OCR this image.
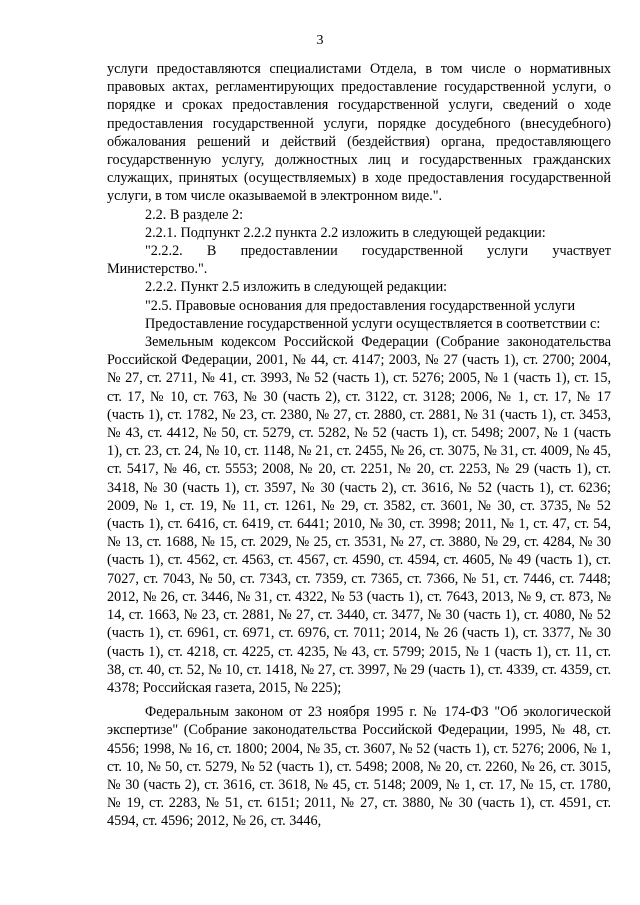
3

услуги предоставляются специалистами Отдела, в том числе о нормативных правовых актах, регламентирующих предоставление государственной услуги, о порядке и сроках предоставления государственной услуги, сведений о ходе предоставления государственной услуги, порядке досудебного (внесудебного) обжалования решений и действий (бездействия) органа, предоставляющего государственную услугу, должностных лиц и государственных гражданских служащих, принятых (осуществляемых) в ходе предоставления государственной услуги, в том числе оказываемой в электронном виде.".

2.2. В разделе 2:

2.2.1. Подпункт 2.2.2 пункта 2.2 изложить в следующей редакции:

"2.2.2. В предоставлении государственной услуги участвует Министерство.".

2.2.2. Пункт 2.5 изложить в следующей редакции:

"2.5. Правовые основания для предоставления государственной услуги

Предоставление государственной услуги осуществляется в соответствии с:

Земельным кодексом Российской Федерации (Собрание законодательства Российской Федерации, 2001, № 44, ст. 4147; 2003, № 27 (часть 1), ст. 2700; 2004, № 27, ст. 2711, № 41, ст. 3993, № 52 (часть 1), ст. 5276; 2005, № 1 (часть 1), ст. 15, ст. 17, № 10, ст. 763, № 30 (часть 2), ст. 3122, ст. 3128; 2006, № 1, ст. 17, № 17 (часть 1), ст. 1782, № 23, ст. 2380, № 27, ст. 2880, ст. 2881, № 31 (часть 1), ст. 3453, № 43, ст. 4412, № 50, ст. 5279, ст. 5282, № 52 (часть 1), ст. 5498; 2007, № 1 (часть 1), ст. 23, ст. 24, № 10, ст. 1148, № 21, ст. 2455, № 26, ст. 3075, № 31, ст. 4009, № 45, ст. 5417, № 46, ст. 5553; 2008, № 20, ст. 2251, № 20, ст. 2253, № 29 (часть 1), ст. 3418, № 30 (часть 1), ст. 3597, № 30 (часть 2), ст. 3616, № 52 (часть 1), ст. 6236; 2009, № 1, ст. 19, № 11, ст. 1261, № 29, ст. 3582, ст. 3601, № 30, ст. 3735, № 52 (часть 1), ст. 6416, ст. 6419, ст. 6441; 2010, № 30, ст. 3998; 2011, № 1, ст. 47, ст. 54, № 13, ст. 1688, № 15, ст. 2029, № 25, ст. 3531, № 27, ст. 3880, № 29, ст. 4284, № 30 (часть 1), ст. 4562, ст. 4563, ст. 4567, ст. 4590, ст. 4594, ст. 4605, № 49 (часть 1), ст. 7027, ст. 7043, № 50, ст. 7343, ст. 7359, ст. 7365, ст. 7366, № 51, ст. 7446, ст. 7448; 2012, № 26, ст. 3446, № 31, ст. 4322, № 53 (часть 1), ст. 7643, 2013, № 9, ст. 873, № 14, ст. 1663, № 23, ст. 2881, № 27, ст. 3440, ст. 3477, № 30 (часть 1), ст. 4080, № 52 (часть 1), ст. 6961, ст. 6971, ст. 6976, ст. 7011; 2014, № 26 (часть 1), ст. 3377, № 30 (часть 1), ст. 4218, ст. 4225, ст. 4235, № 43, ст. 5799; 2015, № 1 (часть 1), ст. 11, ст. 38, ст. 40, ст. 52, № 10, ст. 1418, № 27, ст. 3997, № 29 (часть 1), ст. 4339, ст. 4359, ст. 4378; Российская газета, 2015, № 225);

Федеральным законом от 23 ноября 1995 г. № 174-ФЗ "Об экологической экспертизе" (Собрание законодательства Российской Федерации, 1995, № 48, ст. 4556; 1998, № 16, ст. 1800; 2004, № 35, ст. 3607, № 52 (часть 1), ст. 5276; 2006, № 1, ст. 10, № 50, ст. 5279, № 52 (часть 1), ст. 5498; 2008, № 20, ст. 2260, № 26, ст. 3015, № 30 (часть 2), ст. 3616, ст. 3618, № 45, ст. 5148; 2009, № 1, ст. 17, № 15, ст. 1780, № 19, ст. 2283, № 51, ст. 6151; 2011, № 27, ст. 3880, № 30 (часть 1), ст. 4591, ст. 4594, ст. 4596; 2012, № 26, ст. 3446,
